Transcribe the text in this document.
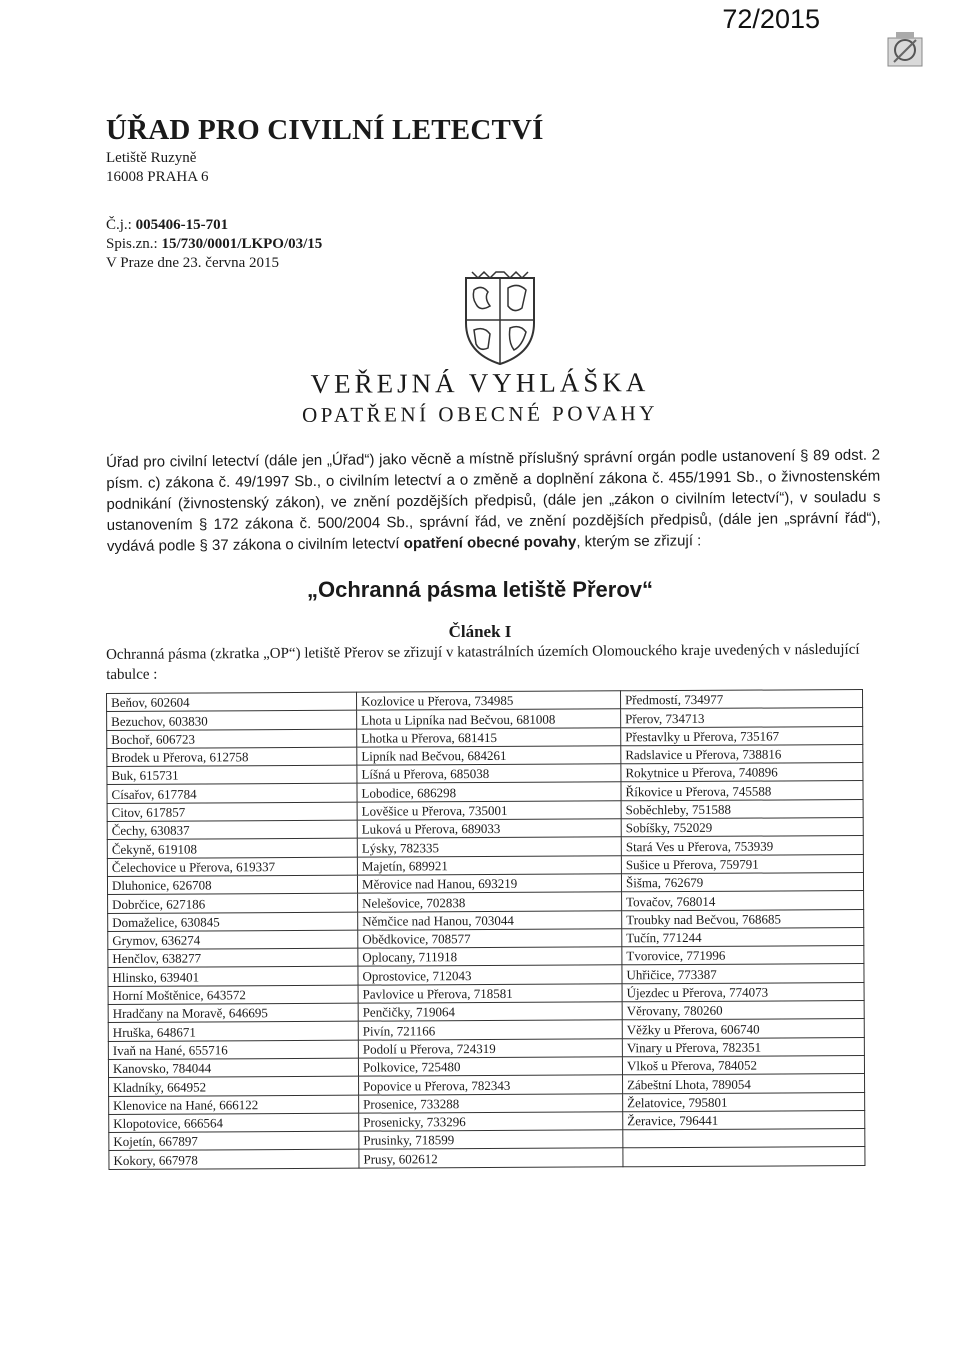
72/2015
ÚŘAD PRO CIVILNÍ LETECTVÍ
Letiště Ruzyně
16008 PRAHA 6
Č.j.: 005406-15-701
Spis.zn.: 15/730/0001/LKPO/03/15
V Praze dne 23. června 2015
VEŘEJNÁ VYHLÁŠKA
OPATŘENÍ OBECNÉ POVAHY
Úřad pro civilní letectví (dále jen „Úřad“) jako věcně a místně příslušný správní orgán podle ustanovení § 89 odst. 2 písm. c) zákona č. 49/1997 Sb., o civilním letectví a o změně a doplnění zákona č. 455/1991 Sb., o živnostenském podnikání (živnostenský zákon), ve znění pozdějších předpisů, (dále jen „zákon o civilním letectví“), v souladu s ustanovením § 172 zákona č. 500/2004 Sb., správní řád, ve znění pozdějších předpisů, (dále jen „správní řád“), vydává podle § 37 zákona o civilním letectví opatření obecné povahy, kterým se zřizují :
„Ochranná pásma letiště Přerov“
Článek I
Ochranná pásma (zkratka „OP“) letiště Přerov se zřizují v katastrálních územích Olomouckého kraje uvedených v následující tabulce :
Beňov, 602604	Kozlovice u Přerova, 734985	Předmostí, 734977
Bezuchov, 603830	Lhota u Lipníka nad Bečvou, 681008	Přerov, 734713
Bochoř, 606723	Lhotka u Přerova, 681415	Přestavlky u Přerova, 735167
Brodek u Přerova, 612758	Lipník nad Bečvou, 684261	Radslavice u Přerova, 738816
Buk, 615731	Líšná u Přerova, 685038	Rokytnice u Přerova, 740896
Císařov, 617784	Lobodice, 686298	Říkovice u Přerova, 745588
Citov, 617857	Lověšice u Přerova, 735001	Soběchleby, 751588
Čechy, 630837	Luková u Přerova, 689033	Sobíšky, 752029
Čekyně, 619108	Lýsky, 782335	Stará Ves u Přerova, 753939
Čelechovice u Přerova, 619337	Majetín, 689921	Sušice u Přerova, 759791
Dluhonice, 626708	Měrovice nad Hanou, 693219	Šišma, 762679
Dobrčice, 627186	Nelešovice, 702838	Tovačov, 768014
Domaželice, 630845	Němčice nad Hanou, 703044	Troubky nad Bečvou, 768685
Grymov, 636274	Obědkovice, 708577	Tučín, 771244
Henčlov, 638277	Oplocany, 711918	Tvorovice, 771996
Hlinsko, 639401	Oprostovice, 712043	Uhřičice, 773387
Horní Moštěnice, 643572	Pavlovice u Přerova, 718581	Újezdec u Přerova, 774073
Hradčany na Moravě, 646695	Penčičky, 719064	Věrovany, 780260
Hruška, 648671	Pivín, 721166	Věžky u Přerova, 606740
Ivaň na Hané, 655716	Podolí u Přerova, 724319	Vinary u Přerova, 782351
Kanovsko, 784044	Polkovice, 725480	Vlkoš u Přerova, 784052
Kladníky, 664952	Popovice u Přerova, 782343	Zábeštní Lhota, 789054
Klenovice na Hané, 666122	Prosenice, 733288	Želatovice, 795801
Klopotovice, 666564	Prosenicky, 733296	Žeravice, 796441
Kojetín, 667897	Prusinky, 718599	
Kokory, 667978	Prusy, 602612	
